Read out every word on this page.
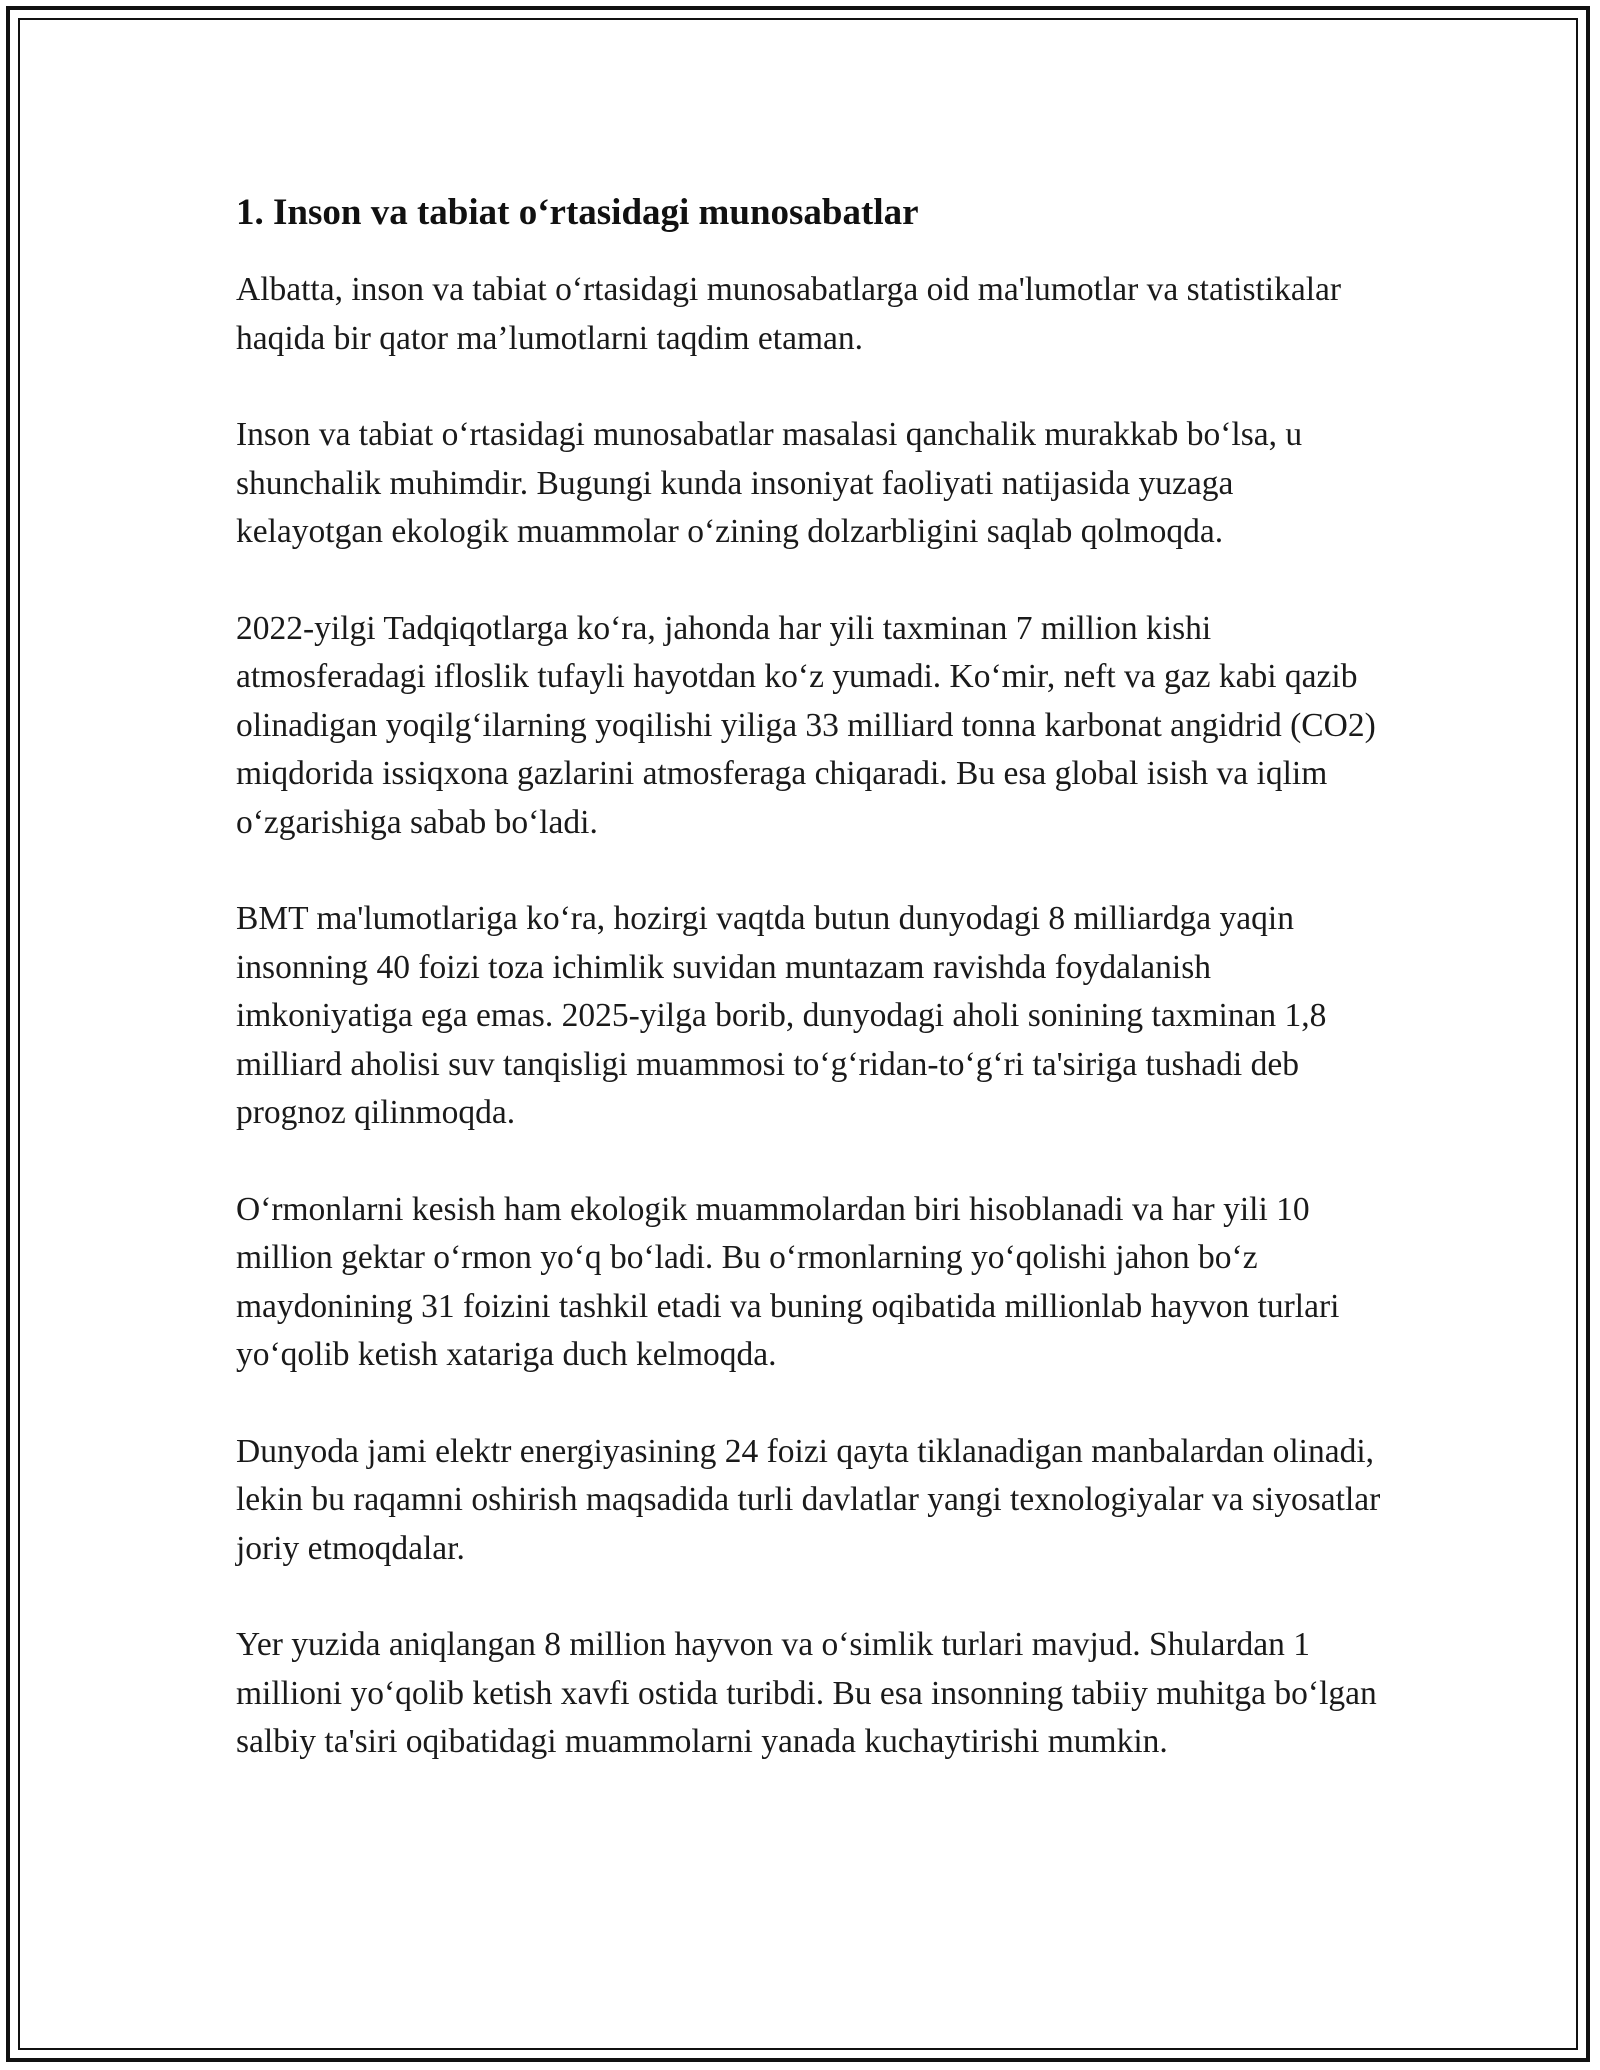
1. Inson va tabiat o‘rtasidagi munosabatlar

Albatta, inson va tabiat o‘rtasidagi munosabatlarga oid ma'lumotlar va statistikalar haqida bir qator ma’lumotlarni taqdim etaman.

Inson va tabiat o‘rtasidagi munosabatlar masalasi qanchalik murakkab bo‘lsa, u shunchalik muhimdir. Bugungi kunda insoniyat faoliyati natijasida yuzaga kelayotgan ekologik muammolar o‘zining dolzarbligini saqlab qolmoqda.

2022-yilgi Tadqiqotlarga ko‘ra, jahonda har yili taxminan 7 million kishi atmosferadagi ifloslik tufayli hayotdan ko‘z yumadi. Ko‘mir, neft va gaz kabi qazib olinadigan yoqilg‘ilarning yoqilishi yiliga 33 milliard tonna karbonat angidrid (CO2) miqdorida issiqxona gazlarini atmosferaga chiqaradi. Bu esa global isish va iqlim o‘zgarishiga sabab bo‘ladi.

BMT ma'lumotlariga ko‘ra, hozirgi vaqtda butun dunyodagi 8 milliardga yaqin insonning 40 foizi toza ichimlik suvidan muntazam ravishda foydalanish imkoniyatiga ega emas. 2025-yilga borib, dunyodagi aholi sonining taxminan 1,8 milliard aholisi suv tanqisligi muammosi to‘g‘ridan-to‘g‘ri ta'siriga tushadi deb prognoz qilinmoqda.

O‘rmonlarni kesish ham ekologik muammolardan biri hisoblanadi va har yili 10 million gektar o‘rmon yo‘q bo‘ladi. Bu o‘rmonlarning yo‘qolishi jahon bo‘z maydonining 31 foizini tashkil etadi va buning oqibatida millionlab hayvon turlari yo‘qolib ketish xatariga duch kelmoqda.

Dunyoda jami elektr energiyasining 24 foizi qayta tiklanadigan manbalardan olinadi, lekin bu raqamni oshirish maqsadida turli davlatlar yangi texnologiyalar va siyosatlar joriy etmoqdalar.

Yer yuzida aniqlangan 8 million hayvon va o‘simlik turlari mavjud. Shulardan 1 millioni yo‘qolib ketish xavfi ostida turibdi. Bu esa insonning tabiiy muhitga bo‘lgan salbiy ta'siri oqibatidagi muammolarni yanada kuchaytirishi mumkin.
